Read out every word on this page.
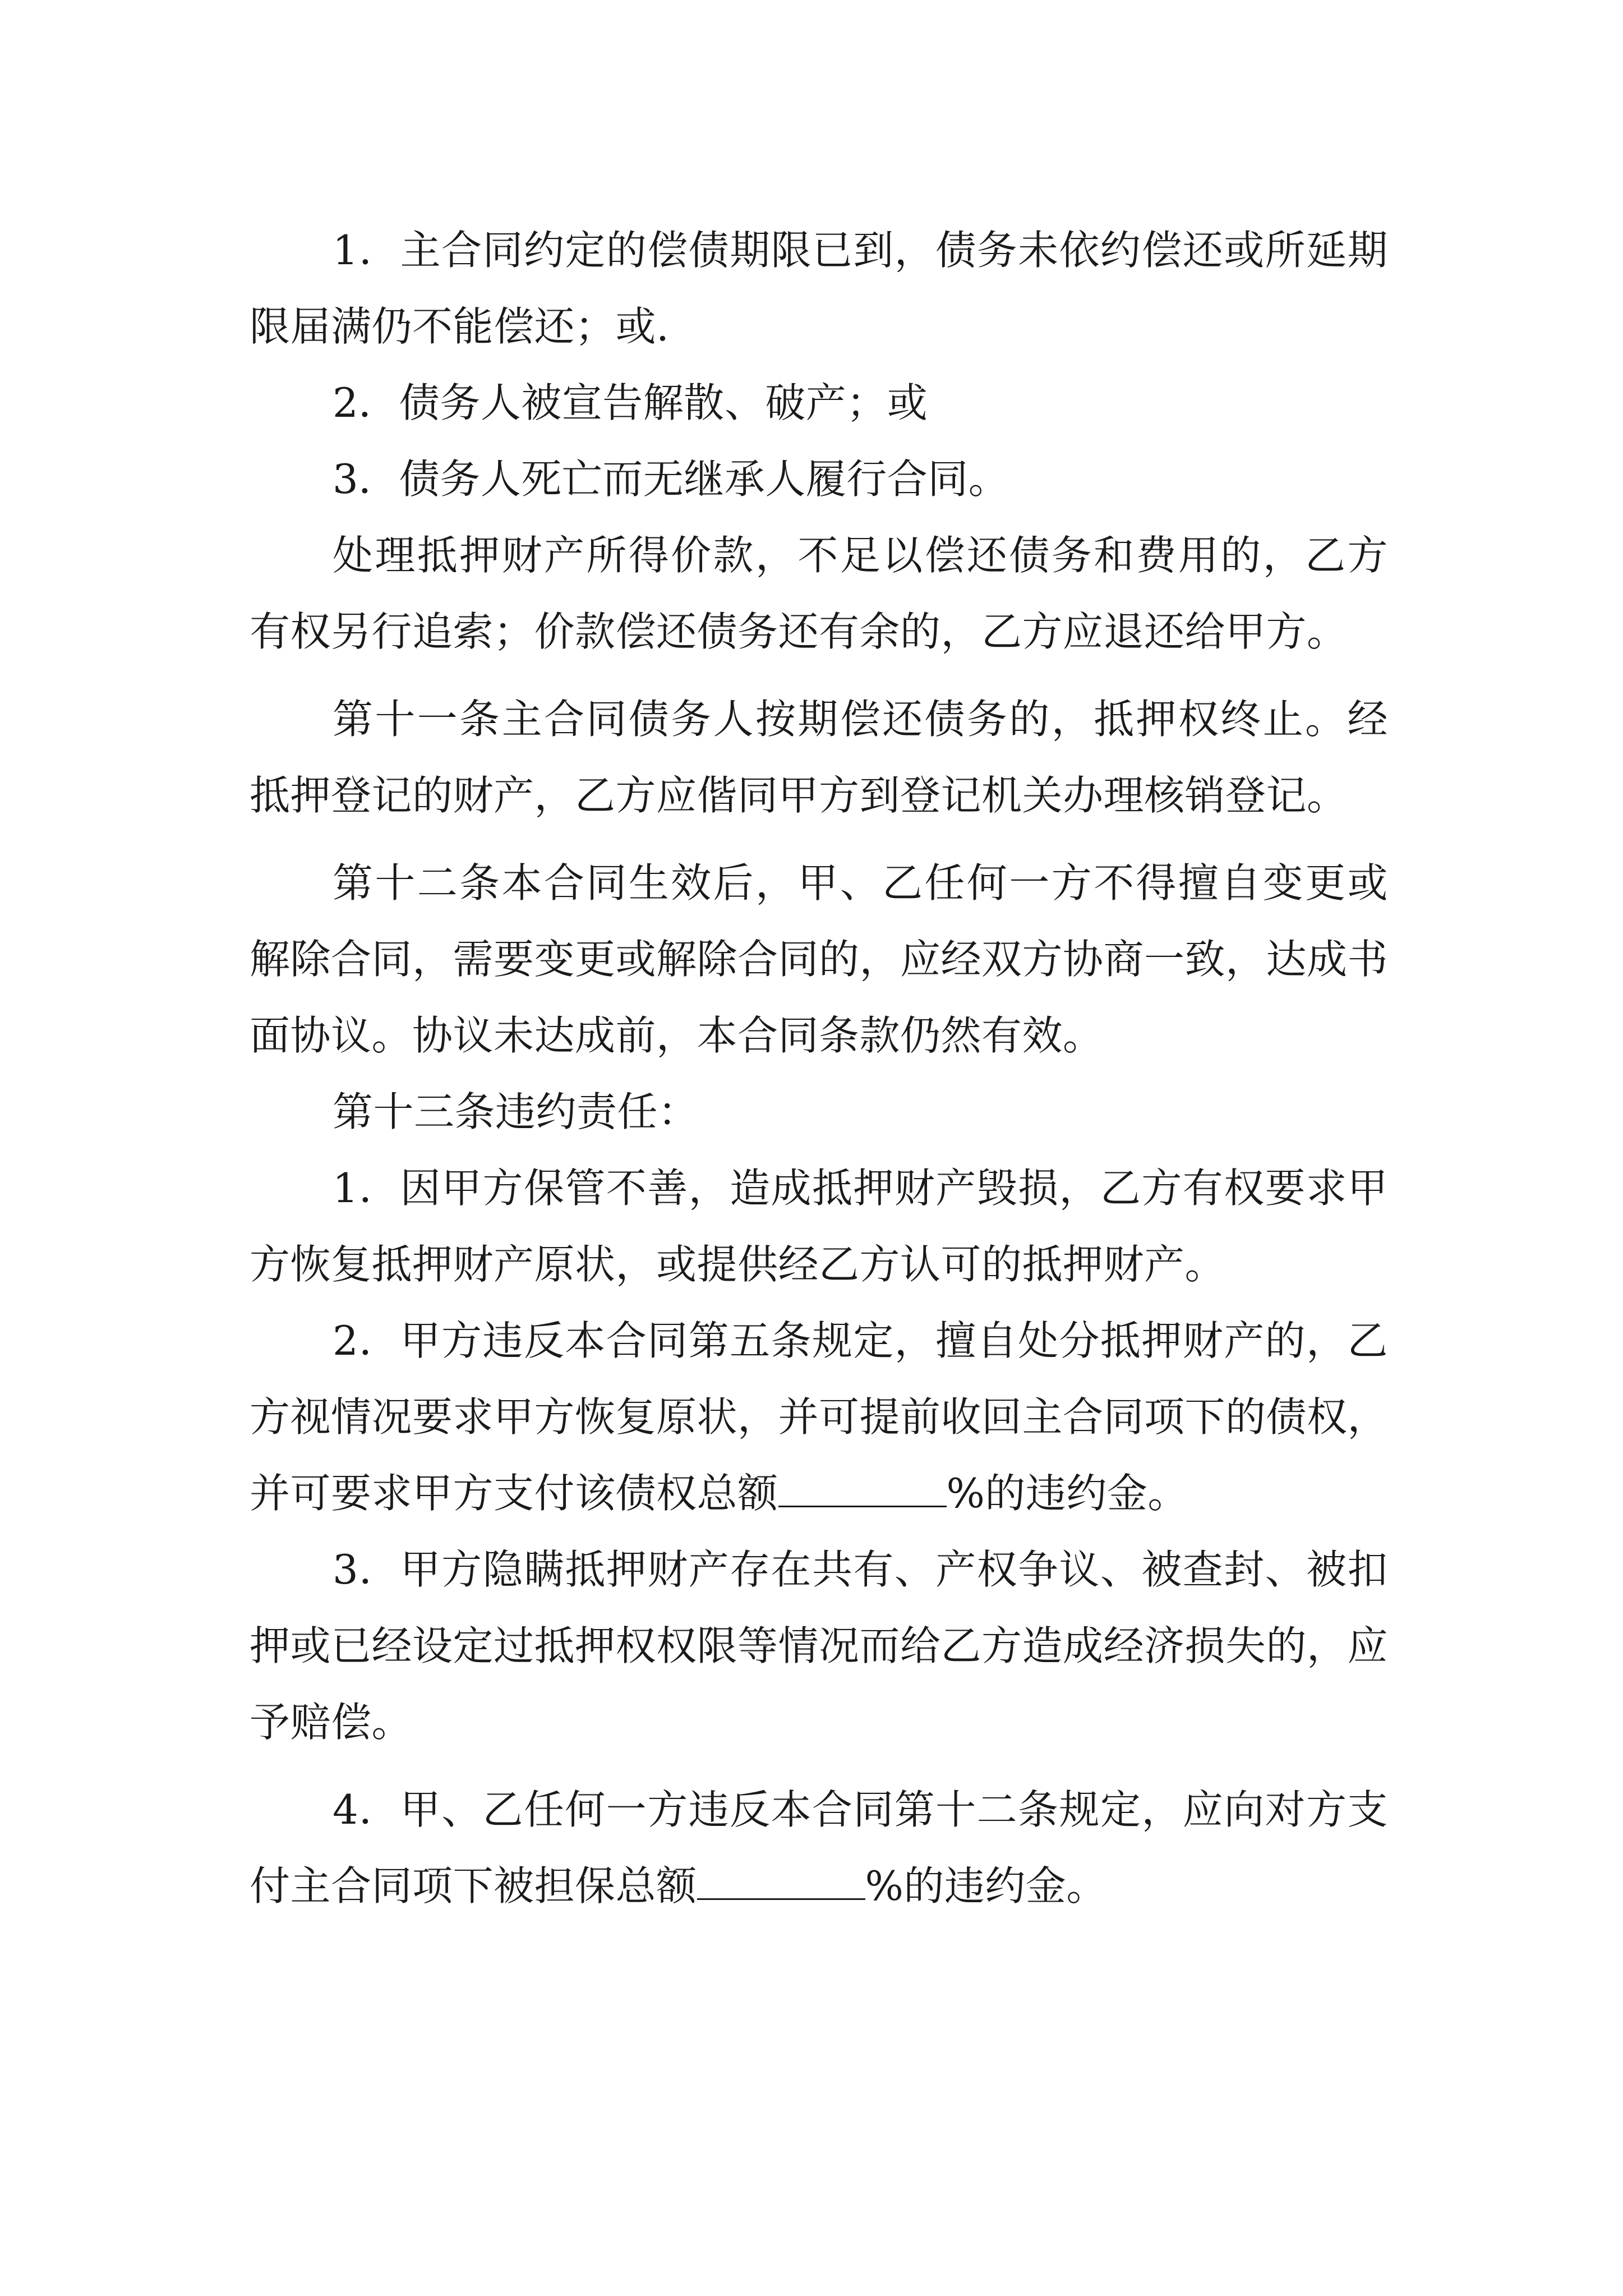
1．主合同约定的偿债期限已到，债务未依约偿还或所延期限届满仍不能偿还；或.

2．债务人被宣告解散、破产；或

3．债务人死亡而无继承人履行合同。

处理抵押财产所得价款，不足以偿还债务和费用的，乙方有权另行追索；价款偿还债务还有余的，乙方应退还给甲方。

第十一条主合同债务人按期偿还债务的，抵押权终止。经抵押登记的财产，乙方应偕同甲方到登记机关办理核销登记。

第十二条本合同生效后，甲、乙任何一方不得擅自变更或解除合同，需要变更或解除合同的，应经双方协商一致，达成书面协议。协议未达成前，本合同条款仍然有效。

第十三条违约责任：

1．因甲方保管不善，造成抵押财产毁损，乙方有权要求甲方恢复抵押财产原状，或提供经乙方认可的抵押财产。

2．甲方违反本合同第五条规定，擅自处分抵押财产的，乙方视情况要求甲方恢复原状，并可提前收回主合同项下的债权，并可要求甲方支付该债权总额	%的违约金。

3．甲方隐瞒抵押财产存在共有、产权争议、被查封、被扣押或已经设定过抵押权权限等情况而给乙方造成经济损失的，应予赔偿。

4．甲、乙任何一方违反本合同第十二条规定，应向对方支付主合同项下被担保总额	%的违约金。
